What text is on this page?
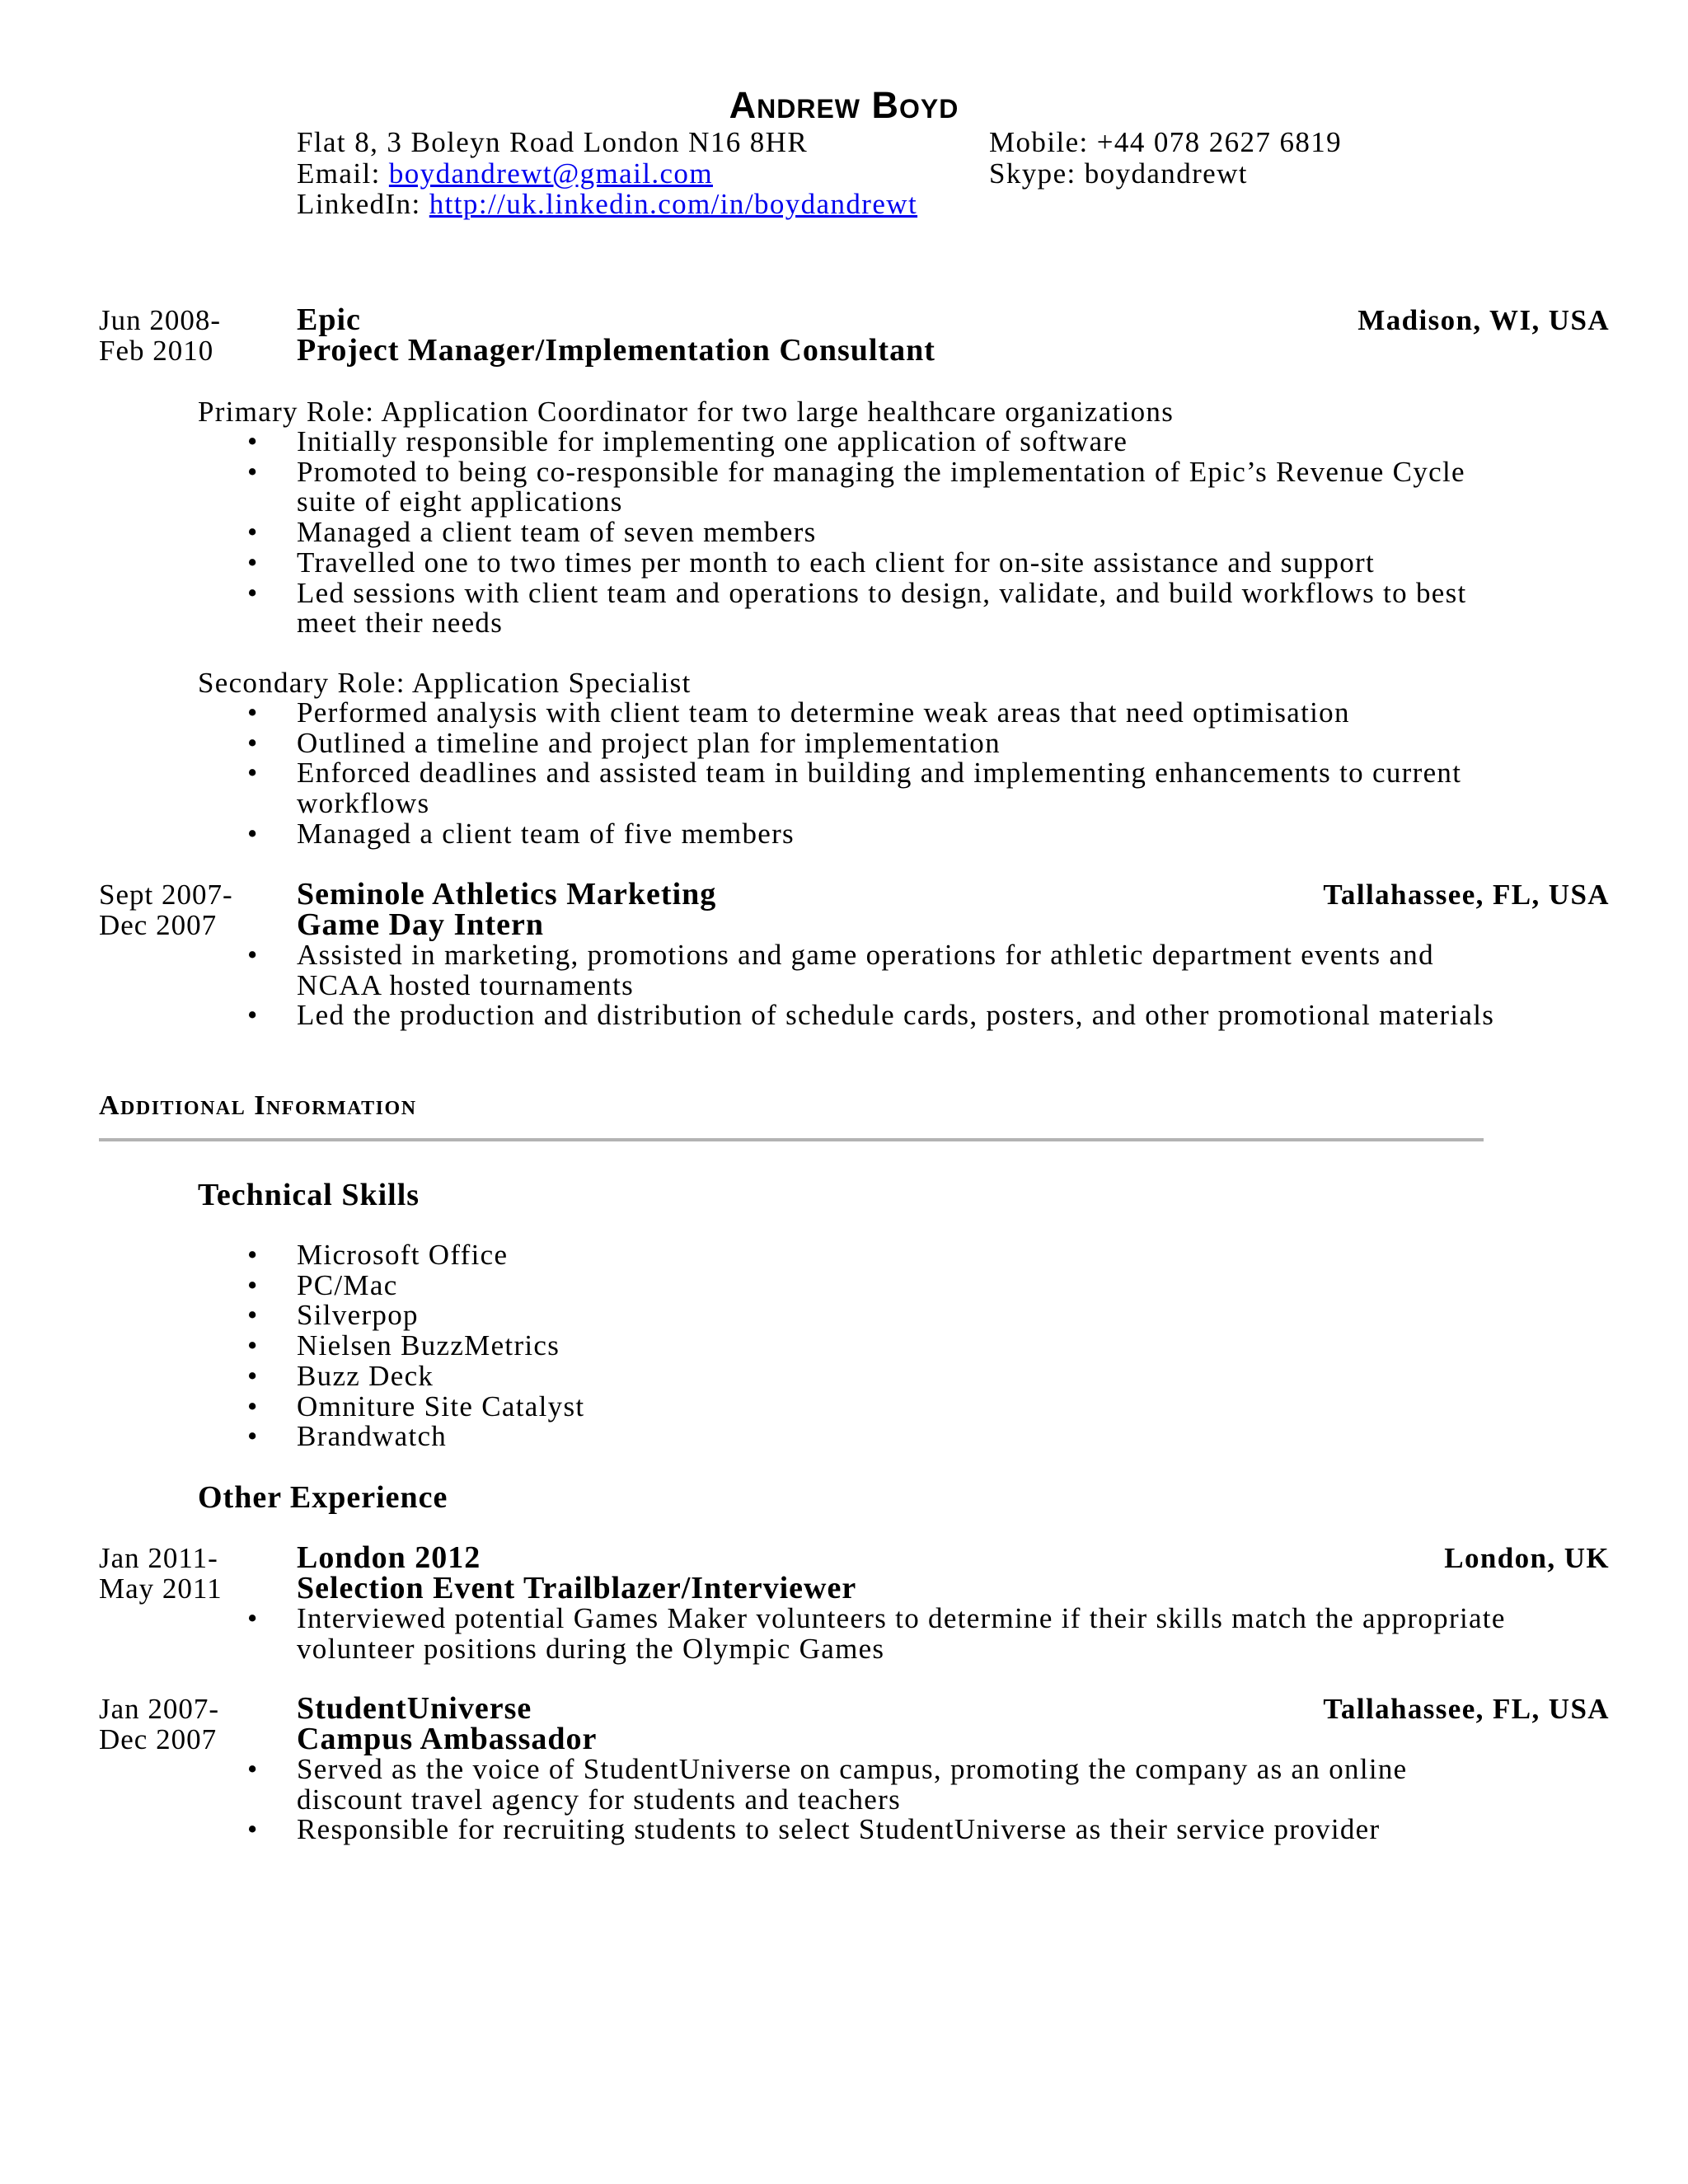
Andrew Boyd
Flat 8, 3 Boleyn Road London N16 8HR	Mobile: +44 078 2627 6819
Email: boydandrewt@gmail.com	Skype: boydandrewt
LinkedIn: http://uk.linkedin.com/in/boydandrewt
Jun 2008-
Feb 2010
Epic
Project Manager/Implementation Consultant
Madison, WI, USA
Primary Role: Application Coordinator for two large healthcare organizations
• Initially responsible for implementing one application of software
• Promoted to being co-responsible for managing the implementation of Epic’s Revenue Cycle suite of eight applications
• Managed a client team of seven members
• Travelled one to two times per month to each client for on-site assistance and support
• Led sessions with client team and operations to design, validate, and build workflows to best meet their needs
Secondary Role: Application Specialist
• Performed analysis with client team to determine weak areas that need optimisation
• Outlined a timeline and project plan for implementation
• Enforced deadlines and assisted team in building and implementing enhancements to current workflows
• Managed a client team of five members
Sept 2007-
Dec 2007
Seminole Athletics Marketing
Game Day Intern
Tallahassee, FL, USA
• Assisted in marketing, promotions and game operations for athletic department events and NCAA hosted tournaments
• Led the production and distribution of schedule cards, posters, and other promotional materials
Additional Information
Technical Skills
• Microsoft Office
• PC/Mac
• Silverpop
• Nielsen BuzzMetrics
• Buzz Deck
• Omniture Site Catalyst
• Brandwatch
Other Experience
Jan 2011-
May 2011
London 2012
Selection Event Trailblazer/Interviewer
London, UK
• Interviewed potential Games Maker volunteers to determine if their skills match the appropriate volunteer positions during the Olympic Games
Jan 2007-
Dec 2007
StudentUniverse
Campus Ambassador
Tallahassee, FL, USA
• Served as the voice of StudentUniverse on campus, promoting the company as an online discount travel agency for students and teachers
• Responsible for recruiting students to select StudentUniverse as their service provider
